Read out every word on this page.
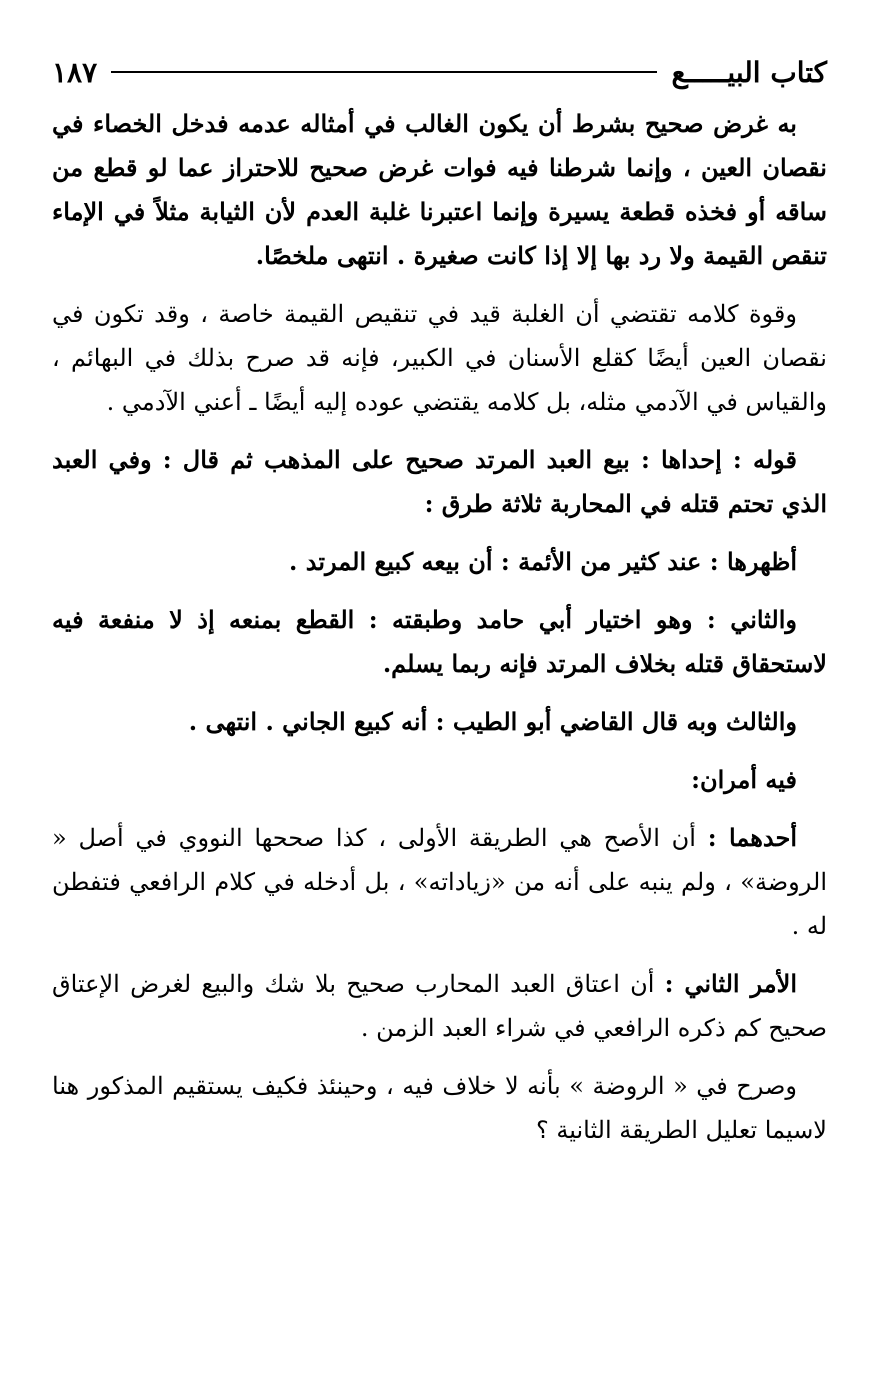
كتاب البيـــــع
١٨٧

به غرض صحيح بشرط أن يكون الغالب في أمثاله عدمه فدخل الخصاء في نقصان العين ، وإنما شرطنا فيه فوات غرض صحيح للاحتراز عما لو قطع من ساقه أو فخذه قطعة يسيرة وإنما اعتبرنا غلبة العدم لأن الثيابة مثلاً في الإماء تنقص القيمة ولا رد بها إلا إذا كانت صغيرة . انتهى ملخصًا.

وقوة كلامه تقتضي أن الغلبة قيد في تنقيص القيمة خاصة ، وقد تكون في نقصان العين أيضًا كقلع الأسنان في الكبير، فإنه قد صرح بذلك في البهائم ، والقياس في الآدمي مثله، بل كلامه يقتضي عوده إليه أيضًا ـ أعني الآدمي .

قوله : إحداها : بيع العبد المرتد صحيح على المذهب ثم قال : وفي العبد الذي تحتم قتله في المحاربة ثلاثة طرق :

أظهرها : عند كثير من الأئمة : أن بيعه كبيع المرتد .

والثاني : وهو اختيار أبي حامد وطبقته : القطع بمنعه إذ لا منفعة فيه لاستحقاق قتله بخلاف المرتد فإنه ربما يسلم.

والثالث وبه قال القاضي أبو الطيب : أنه كبيع الجاني . انتهى .

فيه أمران:

أحدهما : أن الأصح هي الطريقة الأولى ، كذا صححها النووي في أصل « الروضة» ، ولم ينبه على أنه من «زياداته» ، بل أدخله في كلام الرافعي فتفطن له .

الأمر الثاني : أن اعتاق العبد المحارب صحيح بلا شك والبيع لغرض الإعتاق صحيح كم ذكره الرافعي في شراء العبد الزمن .

وصرح في « الروضة » بأنه لا خلاف فيه ، وحينئذ فكيف يستقيم المذكور هنا لاسيما تعليل الطريقة الثانية ؟
